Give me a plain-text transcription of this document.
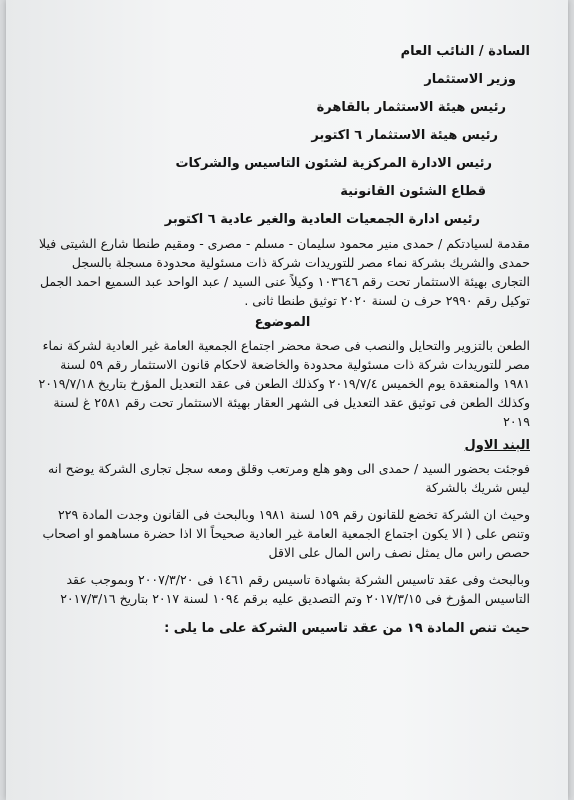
السادة / النائب العام
وزير الاستثمار
رئيس هيئة الاستثمار بالقاهرة
رئيس هيئة الاستثمار ٦ اكتوبر
رئيس الادارة المركزية لشئون التاسيس والشركات
قطاع الشئون القانونية
رئيس ادارة الجمعيات العادية والغير عادية ٦ اكتوبر

مقدمة لسيادتكم / حمدى منير محمود سليمان - مسلم - مصرى - ومقيم طنطا شارع الشيتى فيلا حمدى والشريك بشركة نماء مصر للتوريدات شركة ذات مسئولية محدودة مسجلة بالسجل التجارى بهيئة الاستثمار تحت رقم ١٠٣٦٤٦ وكيلاً عنى السيد / عبد الواحد عبد السميع احمد الجمل توكيل رقم ٢٩٩٠ حرف ن لسنة ٢٠٢٠ توثيق طنطا ثانى .

الموضوع

الطعن بالتزوير والتحايل والنصب فى صحة محضر اجتماع الجمعية العامة غير العادية لشركة نماء مصر للتوريدات شركة ذات مسئولية محدودة والخاضعة لاحكام قانون الاستثمار رقم ٥٩ لسنة ١٩٨١ والمنعقدة يوم الخميس ٢٠١٩/٧/٤ وكذلك الطعن فى عقد التعديل المؤرخ بتاريخ ٢٠١٩/٧/١٨ وكذلك الطعن فى توثيق عقد التعديل فى الشهر العقار بهيئة الاستثمار تحت رقم ٢٥٨١ غ لسنة ٢٠١٩

البند الاول

فوجئت بحضور السيد / حمدى الى وهو هلع ومرتعب وقلق ومعه سجل تجارى الشركة يوضح انه ليس شريك بالشركة

وحيث ان الشركة تخضع للقانون رقم ١٥٩ لسنة ١٩٨١ وبالبحث فى القانون وجدت المادة ٢٢٩ وتنص على ( الا يكون اجتماع الجمعية العامة غير العادية صحيحاً الا اذا حضرة مساهمو او اصحاب حصص راس مال يمثل نصف راس المال على الاقل

وبالبحث وفى عقد تاسيس الشركة بشهادة تاسيس رقم ١٤٦١ فى ٢٠٠٧/٣/٢٠ وبموجب عقد التاسيس المؤرخ فى ٢٠١٧/٣/١٥ وتم التصديق عليه برقم ١٠٩٤ لسنة ٢٠١٧ بتاريخ ٢٠١٧/٣/١٦

حيث تنص المادة ١٩ من عقد تاسيس الشركة على ما يلى :
